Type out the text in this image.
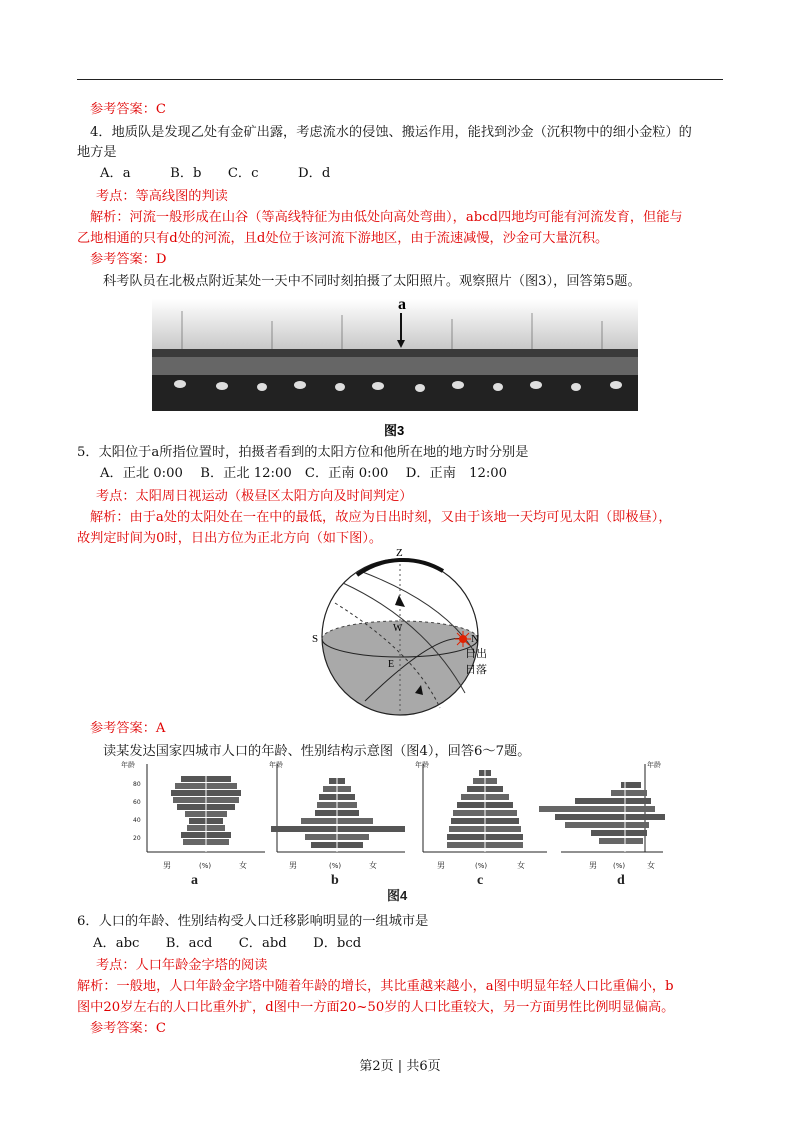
参考答案：C
4．地质队是发现乙处有金矿出露，考虑流水的侵蚀、搬运作用，能找到沙金（沉积物中的细小金粒）的
地方是
A．a　　　B．b　　C．c　　　D．d
考点：等高线图的判读
解析：河流一般形成在山谷（等高线特征为由低处向高处弯曲），abcd四地均可能有河流发育，但能与
乙地相通的只有d处的河流，且d处位于该河流下游地区，由于流速减慢，沙金可大量沉积。
参考答案：D
科考队员在北极点附近某处一天中不同时刻拍摄了太阳照片。观察照片（图3），回答第5题。
a
图3
5．太阳位于a所指位置时，拍摄者看到的太阳方位和他所在地的地方时分别是
A．正北 0:00　 B．正北 12:00　C．正南 0:00　 D．正南　12:00
考点：太阳周日视运动（极昼区太阳方向及时间判定）
解析：由于a处的太阳处在一在中的最低，故应为日出时刻，又由于该地一天均可见太阳（即极昼），
故判定时间为0时，日出方位为正北方向（如下图）。
Z
S	N
W
E
日出
日落
参考答案：A
读某发达国家四城市人口的年龄、性别结构示意图（图4），回答6～7题。
年龄
80
60
40
20
男	(%)	女
a
年龄
男	(%)	女
b
年龄
男	(%)	女
c
年龄
男 (%)	女
d
图4
6．人口的年龄、性别结构受人口迁移影响明显的一组城市是
A．abc　　B．acd　　C．abd　　D．bcd
考点：人口年龄金字塔的阅读
解析：一般地，人口年龄金字塔中随着年龄的增长，其比重越来越小，a图中明显年轻人口比重偏小，b
图中20岁左右的人口比重外扩，d图中一方面20~50岁的人口比重较大，另一方面男性比例明显偏高。
参考答案：C
第2页 | 共6页
